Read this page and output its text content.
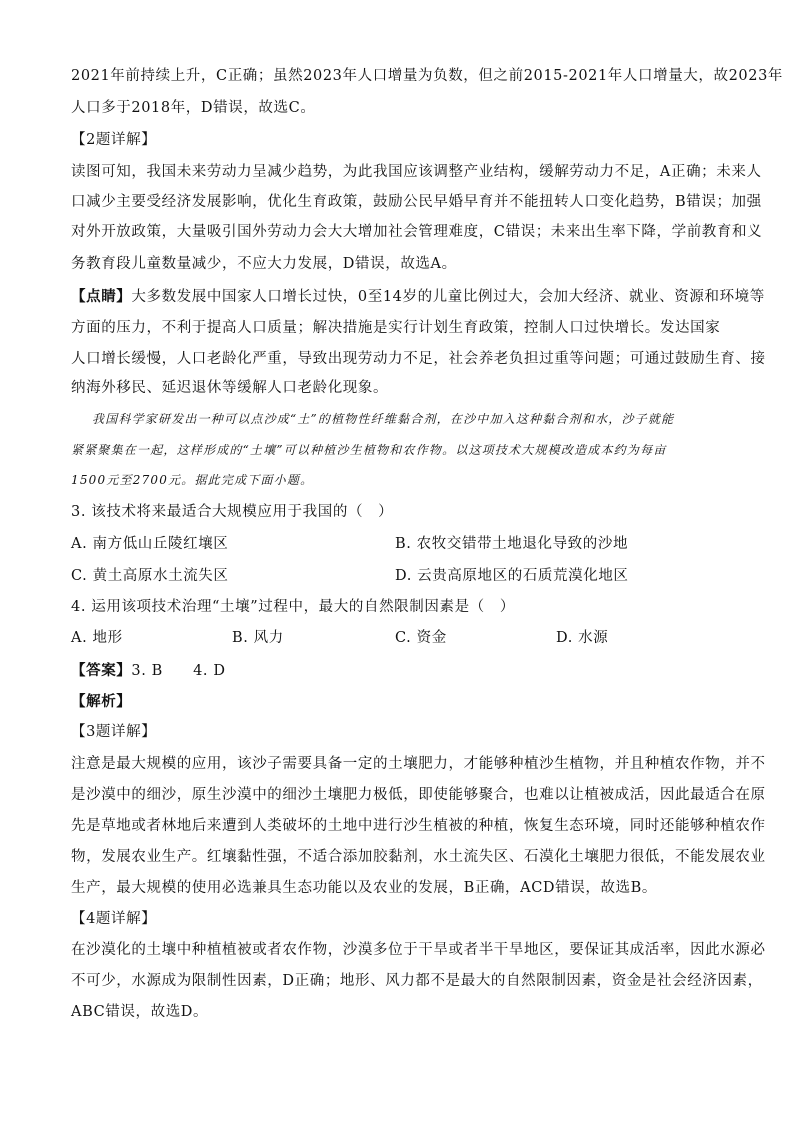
2021年前持续上升，C正确；虽然2023年人口增量为负数，但之前2015-2021年人口增量大，故2023年
人口多于2018年，D错误，故选C。
【2题详解】
读图可知，我国未来劳动力呈减少趋势，为此我国应该调整产业结构，缓解劳动力不足，A正确；未来人
口减少主要受经济发展影响，优化生育政策，鼓励公民早婚早育并不能扭转人口变化趋势，B错误；加强
对外开放政策，大量吸引国外劳动力会大大增加社会管理难度，C错误；未来出生率下降，学前教育和义
务教育段儿童数量减少，不应大力发展，D错误，故选A。
【点睛】大多数发展中国家人口增长过快，0至14岁的儿童比例过大，会加大经济、就业、资源和环境等
方面的压力，不利于提高人口质量；解决措施是实行计划生育政策，控制人口过快增长。发达国家
人口增长缓慢，人口老龄化严重，导致出现劳动力不足，社会养老负担过重等问题；可通过鼓励生育、接
纳海外移民、延迟退休等缓解人口老龄化现象。
我国科学家研发出一种可以点沙成“土”的植物性纤维黏合剂，在沙中加入这种黏合剂和水，沙子就能
紧紧聚集在一起，这样形成的“土壤”可以种植沙生植物和农作物。以这项技术大规模改造成本约为每亩
1500元至2700元。据此完成下面小题。
3. 该技术将来最适合大规模应用于我国的（　）
A. 南方低山丘陵红壤区	B. 农牧交错带土地退化导致的沙地
C. 黄土高原水土流失区	D. 云贵高原地区的石质荒漠化地区
4. 运用该项技术治理“土壤”过程中，最大的自然限制因素是（　）
A. 地形	B. 风力	C. 资金	D. 水源
【答案】3. B　　4. D
【解析】
【3题详解】
注意是最大规模的应用，该沙子需要具备一定的土壤肥力，才能够种植沙生植物，并且种植农作物，并不
是沙漠中的细沙，原生沙漠中的细沙土壤肥力极低，即使能够聚合，也难以让植被成活，因此最适合在原
先是草地或者林地后来遭到人类破坏的土地中进行沙生植被的种植，恢复生态环境，同时还能够种植农作
物，发展农业生产。红壤黏性强，不适合添加胶黏剂，水土流失区、石漠化土壤肥力很低，不能发展农业
生产，最大规模的使用必选兼具生态功能以及农业的发展，B正确，ACD错误，故选B。
【4题详解】
在沙漠化的土壤中种植植被或者农作物，沙漠多位于干旱或者半干旱地区，要保证其成活率，因此水源必
不可少，水源成为限制性因素，D正确；地形、风力都不是最大的自然限制因素，资金是社会经济因素，
ABC错误，故选D。
